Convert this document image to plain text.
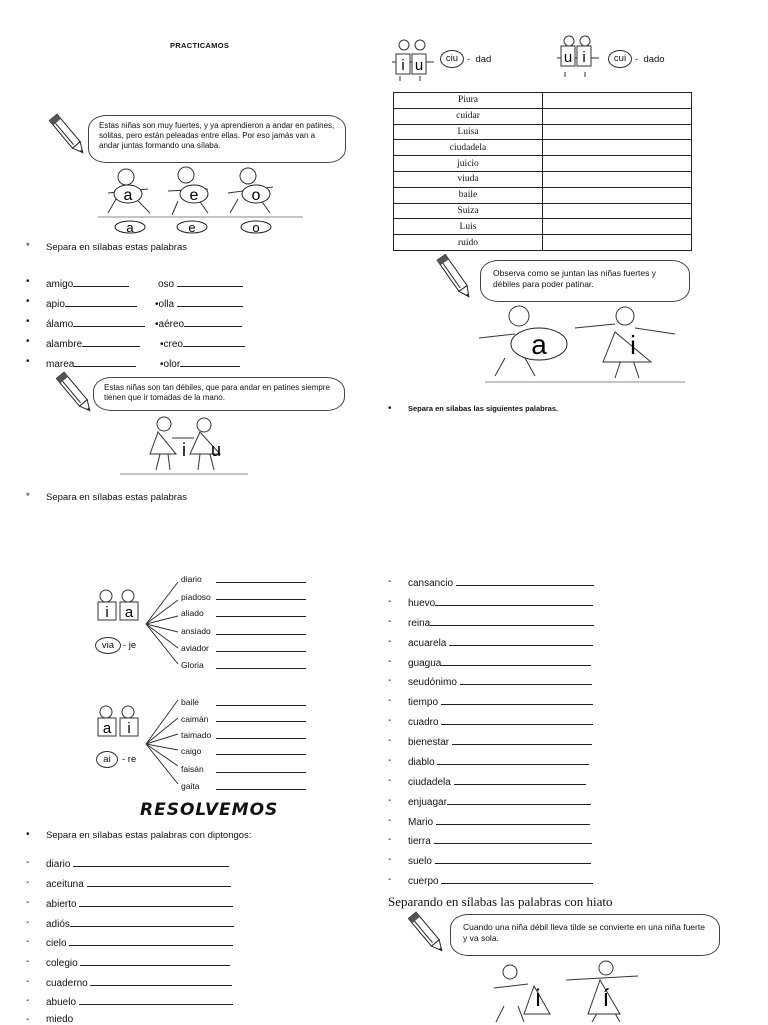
PRACTICAMOS
Estas niñas son muy fuertes, y ya aprendieron a andar en patines, solitas, pero están peleadas entre ellas. Por eso jamás van a andar juntas formando una sílaba.
a	e	o
a	e	o
* Separa en sílabas estas palabras
• amigo	oso
• apio	•olla
• álamo	•aéreo
• alambre	•creo
• marea	•olor
Estas niñas son tan débiles, que para andar en patines siempre tienen que ir tomadas de la mano.
i u
* Separa en sílabas estas palabras
i a
via - je
diario
piadoso
aliado
ansiado
aviador
Gloria
a i
ai	- re
baile
caimán
taimado
caigo
faisán
gaita
RESOLVEMOS
• Separa en sílabas estas palabras con diptongos:
- diario
- aceituna
- abierto
- adiós
- cielo
- colegio
- cuaderno
- abuelo
- miedo
i u	ciu -  dad	u i	cui -  dado
Piura	
cuidar	
Luisa	
ciudadela	
juicio	
viuda	
baile	
Suiza	
Luis	
ruido	
Observa como se juntan las niñas fuertes y débiles para poder patinar.
a	i
• Separa en sílabas las siguientes palabras.
- cansancio
- huevo
- reina
- acuarela
- guagua
- seudónimo
- tiempo
- cuadro
- bienestar
- diablo
- ciudadela
- enjuagar
- Mario
- tierra
- suelo
- cuerpo
Separando en sílabas las palabras con hiato
Cuando una niña débil lleva tilde se convierte en una niña fuerte y va sola.
i	í
